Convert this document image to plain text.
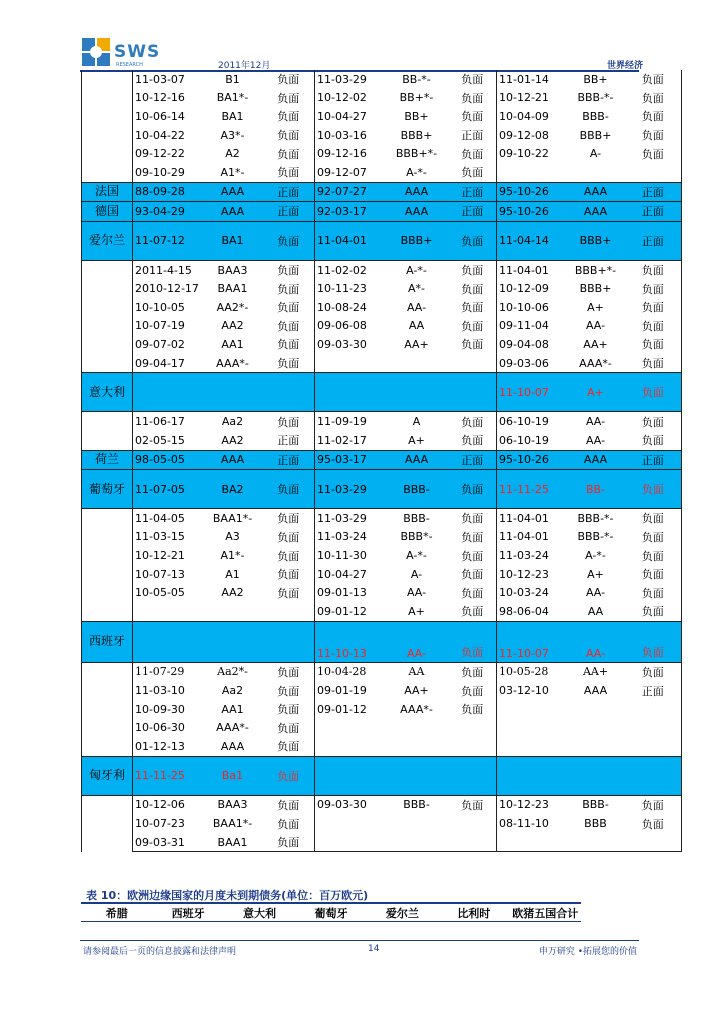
SWS
RESEARCH	2011年12月	世界经济
	11-03-07	B1	负面	11-03-29	BB-*-	负面	11-01-14	BB+	负面
	10-12-16	BA1*-	负面	10-12-02	BB+*-	负面	10-12-21	BBB-*-	负面
	10-06-14	BA1	负面	10-04-27	BB+	负面	10-04-09	BBB-	负面
	10-04-22	A3*-	负面	10-03-16	BBB+	正面	09-12-08	BBB+	负面
	09-12-22	A2	负面	09-12-16	BBB+*-	负面	09-10-22	A-	负面
	09-10-29	A1*-	负面	09-12-07	A-*-	负面			
法国	88-09-28	AAA	正面	92-07-27	AAA	正面	95-10-26	AAA	正面
德国	93-04-29	AAA	正面	92-03-17	AAA	正面	95-10-26	AAA	正面
爱尔兰	11-07-12	BA1	负面	11-04-01	BBB+	负面	11-04-14	BBB+	正面
	2011-4-15	BAA3	负面	11-02-02	A-*-	负面	11-04-01	BBB+*-	负面
	2010-12-17	BAA1	负面	10-11-23	A*-	负面	10-12-09	BBB+	负面
	10-10-05	AA2*-	负面	10-08-24	AA-	负面	10-10-06	A+	负面
	10-07-19	AA2	负面	09-06-08	AA	负面	09-11-04	AA-	负面
	09-07-02	AA1	负面	09-03-30	AA+	负面	09-04-08	AA+	负面
	09-04-17	AAA*-	负面				09-03-06	AAA*-	负面
意大利							11-10-07	A+	负面
	11-06-17	Aa2	负面	11-09-19	A	负面	06-10-19	AA-	负面
	02-05-15	AA2	正面	11-02-17	A+	负面	06-10-19	AA-	负面
荷兰	98-05-05	AAA	正面	95-03-17	AAA	正面	95-10-26	AAA	正面
葡萄牙	11-07-05	BA2	负面	11-03-29	BBB-	负面	11-11-25	BB-	负面
	11-04-05	BAA1*-	负面	11-03-29	BBB-	负面	11-04-01	BBB-*-	负面
	11-03-15	A3	负面	11-03-24	BBB*-	负面	11-04-01	BBB-*-	负面
	10-12-21	A1*-	负面	10-11-30	A-*-	负面	11-03-24	A-*-	负面
	10-07-13	A1	负面	10-04-27	A-	负面	10-12-23	A+	负面
	10-05-05	AA2	负面	09-01-13	AA-	负面	10-03-24	AA-	负面
				09-01-12	A+	负面	98-06-04	AA	负面
西班牙				11-10-13	AA-	负面	11-10-07	AA-	负面
	11-07-29	Aa2*-	负面	10-04-28	AA	负面	10-05-28	AA+	负面
	11-03-10	Aa2	负面	09-01-19	AA+	负面	03-12-10	AAA	正面
	10-09-30	AA1	负面	09-01-12	AAA*-	负面			
	10-06-30	AAA*-	负面						
	01-12-13	AAA	负面						
匈牙利	11-11-25	Ba1	负面						
	10-12-06	BAA3	负面	09-03-30	BBB-	负面	10-12-23	BBB-	负面
	10-07-23	BAA1*-	负面				08-11-10	BBB	负面
	09-03-31	BAA1	负面						
表 10：欧洲边缘国家的月度未到期债务(单位：百万欧元)
希腊	西班牙	意大利	葡萄牙	爱尔兰	比利时	欧猪五国合计
请参阅最后一页的信息披露和法律声明	14	申万研究 •拓展您的价值
